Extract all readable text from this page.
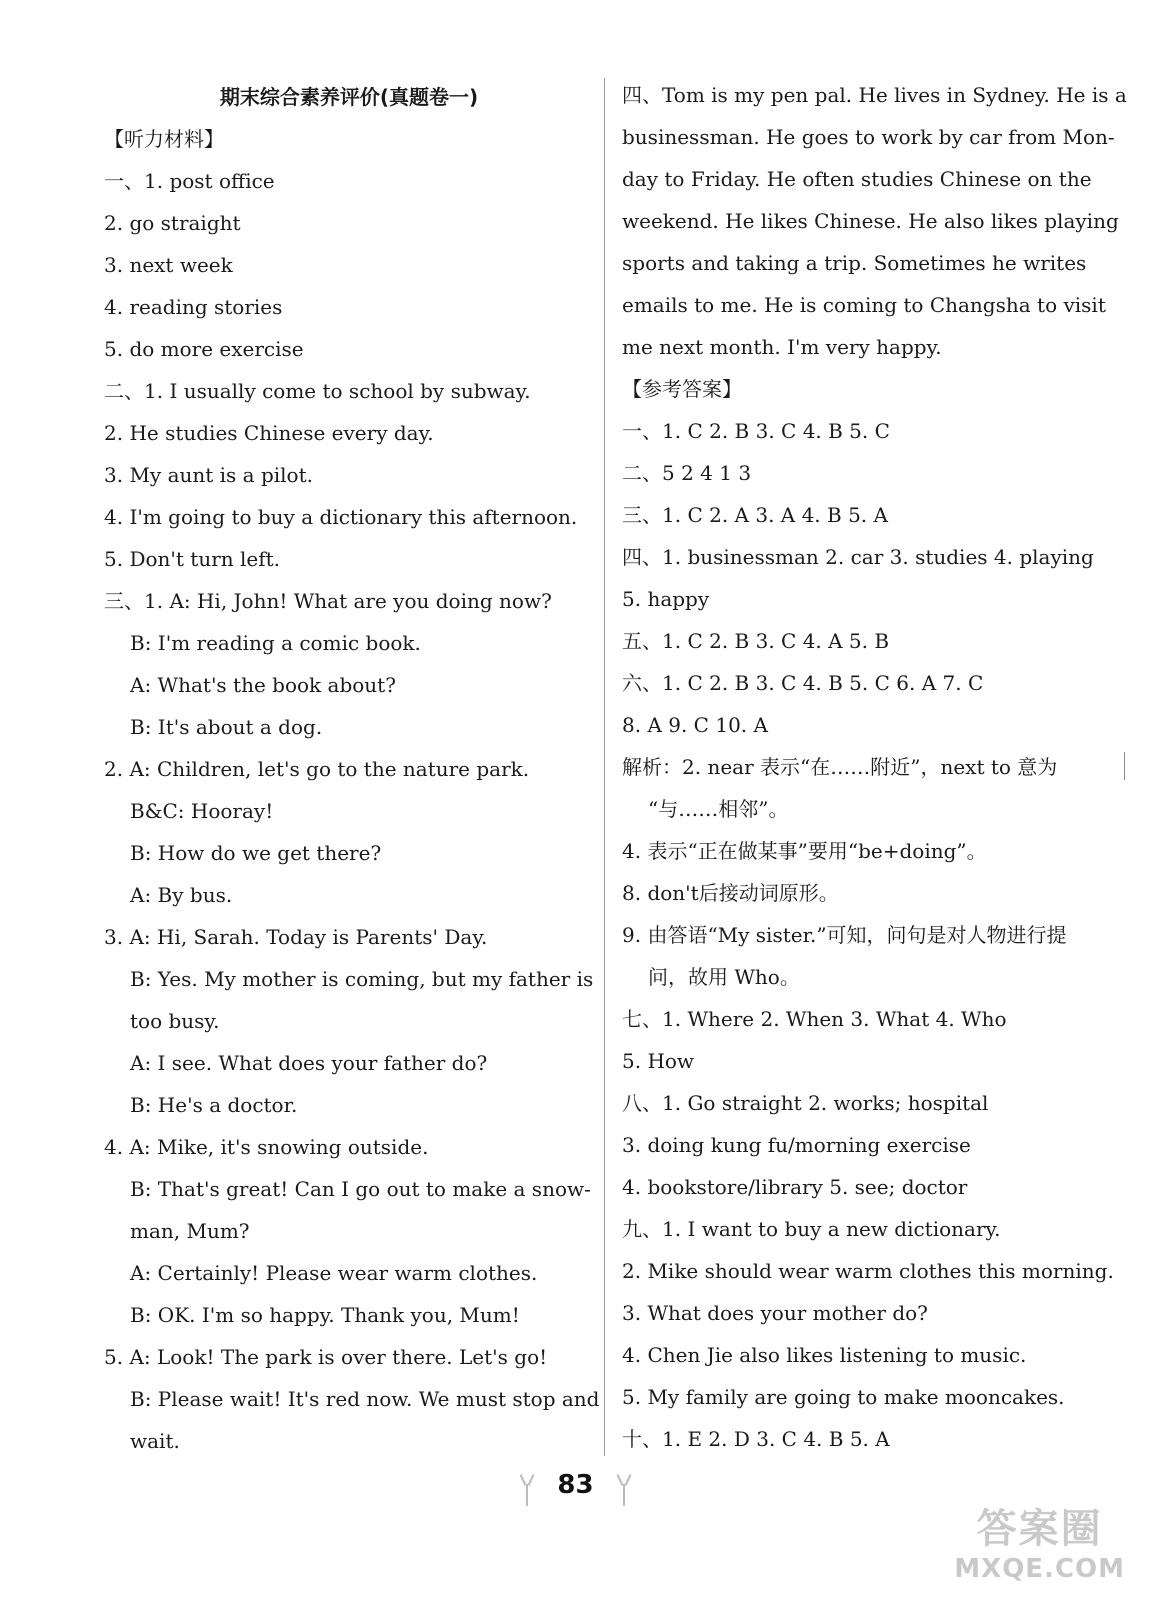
期末综合素养评价(真题卷一)
【听力材料】
一、1. post office
2. go straight
3. next week
4. reading stories
5. do more exercise
二、1. I usually come to school by subway.
2. He studies Chinese every day.
3. My aunt is a pilot.
4. I'm going to buy a dictionary this afternoon.
5. Don't turn left.
三、1. A: Hi, John! What are you doing now?
B: I'm reading a comic book.
A: What's the book about?
B: It's about a dog.
2. A: Children, let's go to the nature park.
B&C: Hooray!
B: How do we get there?
A: By bus.
3. A: Hi, Sarah. Today is Parents' Day.
B: Yes. My mother is coming, but my father is
too busy.
A: I see. What does your father do?
B: He's a doctor.
4. A: Mike, it's snowing outside.
B: That's great! Can I go out to make a snow-
man, Mum?
A: Certainly! Please wear warm clothes.
B: OK. I'm so happy. Thank you, Mum!
5. A: Look! The park is over there. Let's go!
B: Please wait! It's red now. We must stop and
wait.
四、Tom is my pen pal. He lives in Sydney. He is a
businessman. He goes to work by car from Mon-
day to Friday. He often studies Chinese on the
weekend. He likes Chinese. He also likes playing
sports and taking a trip. Sometimes he writes
emails to me. He is coming to Changsha to visit
me next month. I'm very happy.
【参考答案】
一、1. C 2. B 3. C 4. B 5. C
二、5 2 4 1 3
三、1. C 2. A 3. A 4. B 5. A
四、1. businessman 2. car 3. studies 4. playing
5. happy
五、1. C 2. B 3. C 4. A 5. B
六、1. C 2. B 3. C 4. B 5. C 6. A 7. C
8. A 9. C 10. A
解析：2. near 表示“在……附近”，next to 意为
“与……相邻”。
4. 表示“正在做某事”要用“be+doing”。
8. don't后接动词原形。
9. 由答语“My sister.”可知，问句是对人物进行提
问，故用 Who。
七、1. Where 2. When 3. What 4. Who
5. How
八、1. Go straight 2. works; hospital
3. doing kung fu/morning exercise
4. bookstore/library 5. see; doctor
九、1. I want to buy a new dictionary.
2. Mike should wear warm clothes this morning.
3. What does your mother do?
4. Chen Jie also likes listening to music.
5. My family are going to make mooncakes.
十、1. E 2. D 3. C 4. B 5. A
83
答案圈
MXQE.COM
